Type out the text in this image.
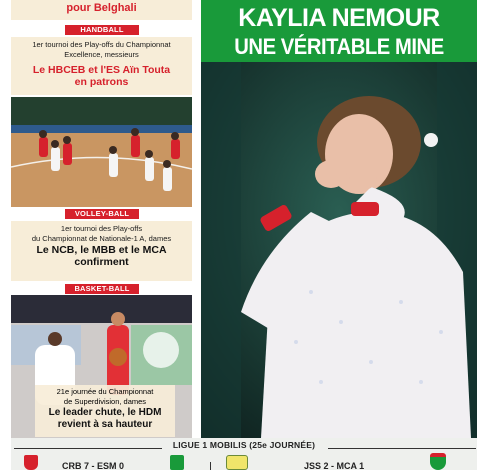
pour Belghali
HANDBALL
1er tournoi des Play-offs du Championnat
Excellence, messieurs
Le HBCEB et l'ES Aïn Touta
en patrons
VOLLEY-BALL
1er tournoi des Play-offs
du Championnat de Nationale-1 A, dames
Le NCB, le MBB et le MCA
confirment
BASKET-BALL
21e journée du Championnat
de Superdivision, dames
Le leader chute, le HDM
revient à sa hauteur
KAYLIA NEMOUR
UNE VÉRITABLE MINE
LIGUE 1 MOBILIS (25e JOURNÉE)
CRB 7 - ESM 0	JSS 2 - MCA 1
